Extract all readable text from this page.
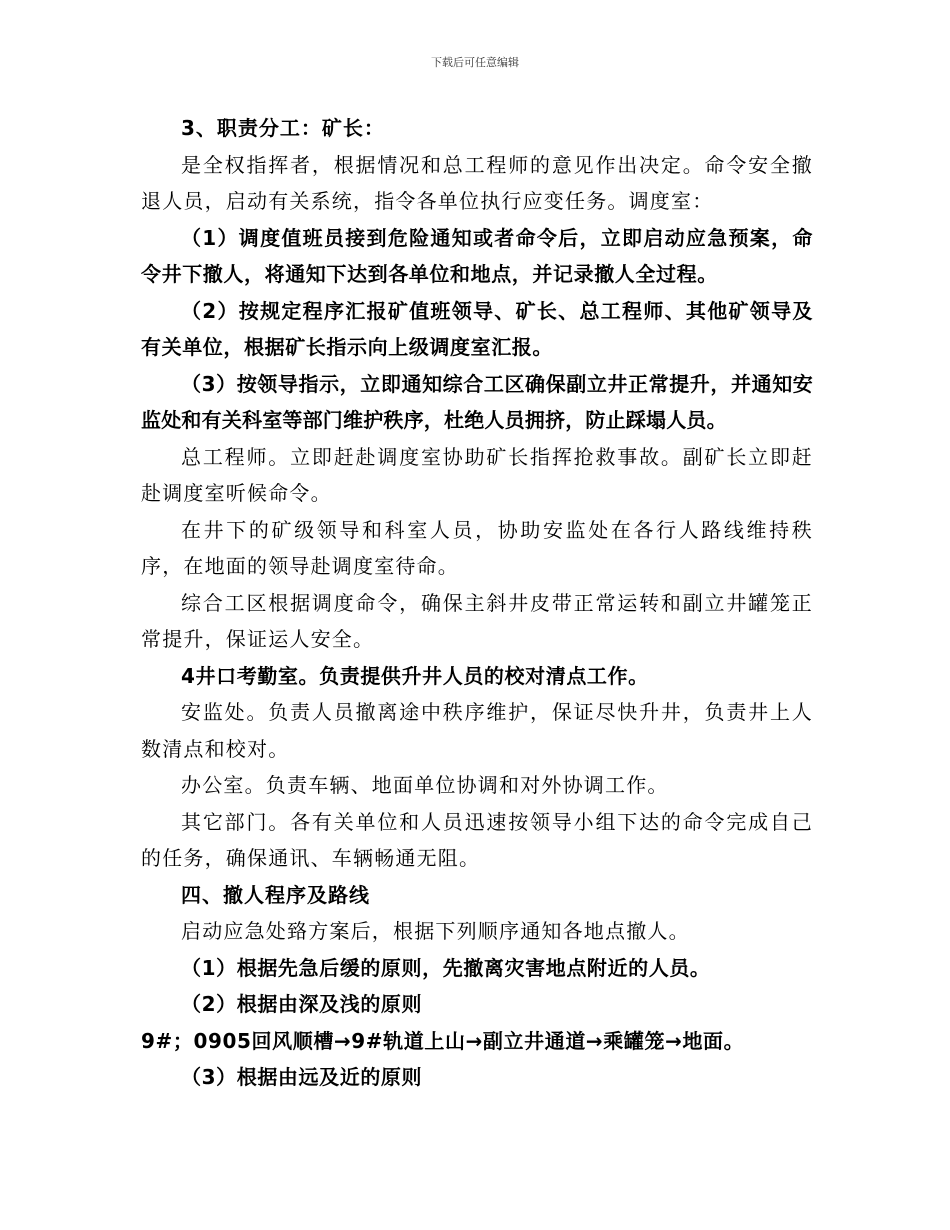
下载后可任意编辑

3、职责分工：矿长：

是全权指挥者，根据情况和总工程师的意见作出决定。命令安全撤退人员，启动有关系统，指令各单位执行应变任务。调度室：

（1）调度值班员接到危险通知或者命令后，立即启动应急预案，命令井下撤人，将通知下达到各单位和地点，并记录撤人全过程。

（2）按规定程序汇报矿值班领导、矿长、总工程师、其他矿领导及有关单位，根据矿长指示向上级调度室汇报。

（3）按领导指示，立即通知综合工区确保副立井正常提升，并通知安监处和有关科室等部门维护秩序，杜绝人员拥挤，防止踩塌人员。

总工程师。立即赶赴调度室协助矿长指挥抢救事故。副矿长立即赶赴调度室听候命令。

在井下的矿级领导和科室人员，协助安监处在各行人路线维持秩序，在地面的领导赴调度室待命。

综合工区根据调度命令，确保主斜井皮带正常运转和副立井罐笼正常提升，保证运人安全。

4井口考勤室。负责提供升井人员的校对清点工作。

安监处。负责人员撤离途中秩序维护，保证尽快升井，负责井上人数清点和校对。

办公室。负责车辆、地面单位协调和对外协调工作。

其它部门。各有关单位和人员迅速按领导小组下达的命令完成自己的任务，确保通讯、车辆畅通无阻。

四、撤人程序及路线

启动应急处臵方案后，根据下列顺序通知各地点撤人。

（1）根据先急后缓的原则，先撤离灾害地点附近的人员。

（2）根据由深及浅的原则

9#；0905回风顺槽→9#轨道上山→副立井通道→乘罐笼→地面。

（3）根据由远及近的原则
